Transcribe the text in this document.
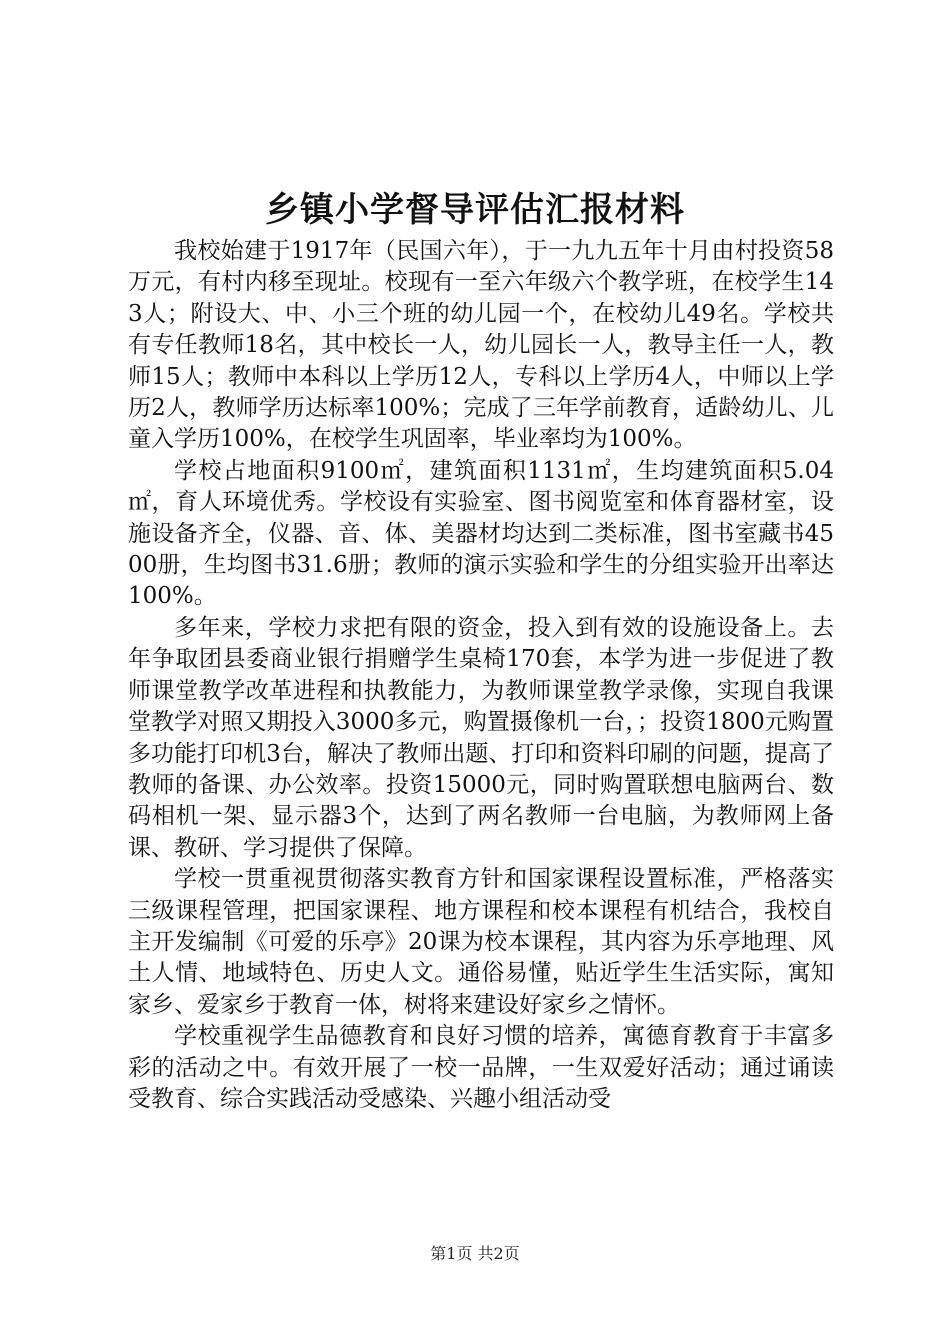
乡镇小学督导评估汇报材料

我校始建于1917年（民国六年），于一九九五年十月由村投资58万元，有村内移至现址。校现有一至六年级六个教学班，在校学生143人；附设大、中、小三个班的幼儿园一个，在校幼儿49名。学校共有专任教师18名，其中校长一人，幼儿园长一人，教导主任一人，教师15人；教师中本科以上学历12人，专科以上学历4人，中师以上学历2人，教师学历达标率100%；完成了三年学前教育，适龄幼儿、儿童入学历100%，在校学生巩固率，毕业率均为100%。

学校占地面积9100㎡，建筑面积1131㎡，生均建筑面积5.04㎡，育人环境优秀。学校设有实验室、图书阅览室和体育器材室，设施设备齐全，仪器、音、体、美器材均达到二类标准，图书室藏书4500册，生均图书31.6册；教师的演示实验和学生的分组实验开出率达100%。

多年来，学校力求把有限的资金，投入到有效的设施设备上。去年争取团县委商业银行捐赠学生桌椅170套，本学为进一步促进了教师课堂教学改革进程和执教能力，为教师课堂教学录像，实现自我课堂教学对照又期投入3000多元，购置摄像机一台，；投资1800元购置多功能打印机3台，解决了教师出题、打印和资料印刷的问题，提高了教师的备课、办公效率。投资15000元，同时购置联想电脑两台、数码相机一架、显示器3个，达到了两名教师一台电脑，为教师网上备课、教研、学习提供了保障。

学校一贯重视贯彻落实教育方针和国家课程设置标准，严格落实三级课程管理，把国家课程、地方课程和校本课程有机结合，我校自主开发编制《可爱的乐亭》20课为校本课程，其内容为乐亭地理、风土人情、地域特色、历史人文。通俗易懂，贴近学生生活实际，寓知家乡、爱家乡于教育一体，树将来建设好家乡之情怀。

学校重视学生品德教育和良好习惯的培养，寓德育教育于丰富多彩的活动之中。有效开展了一校一品牌，一生双爱好活动；通过诵读受教育、综合实践活动受感染、兴趣小组活动受

第1页 共2页
